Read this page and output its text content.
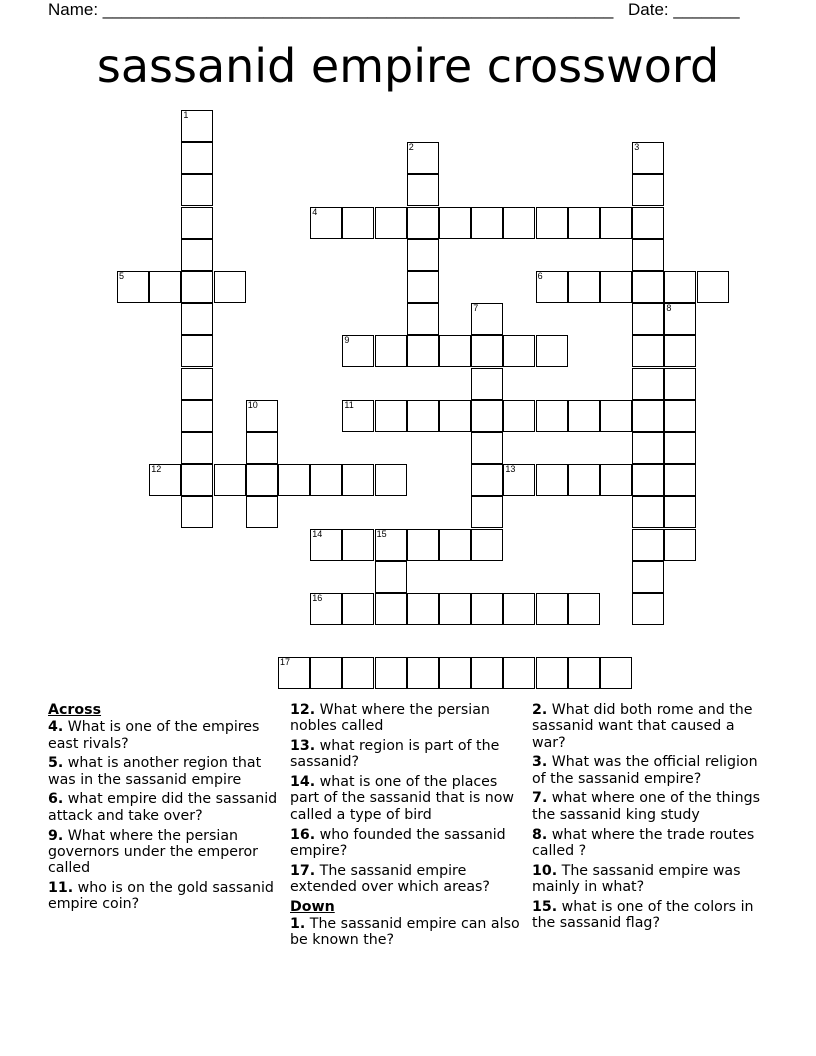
Name: ______________________________________________________ Date: _______
sassanid empire crossword
1
2	3
4
5	6
7	8
9
10	11
12	13
14	15
16
17
Across
4. What is one of the empires east rivals?
5. what is another region that was in the sassanid empire
6. what empire did the sassanid attack and take over?
9. What where the persian governors under the emperor called
11. who is on the gold sassanid empire coin?
12. What where the persian nobles called
13. what region is part of the sassanid?
14. what is one of the places part of the sassanid that is now called a type of bird
16. who founded the sassanid empire?
17. The sassanid empire extended over which areas?
Down
1. The sassanid empire can also be known the?
2. What did both rome and the sassanid want that caused a war?
3. What was the official religion of the sassanid empire?
7. what where one of the things the sassanid king study
8. what where the trade routes called ?
10. The sassanid empire was mainly in what?
15. what is one of the colors in the sassanid flag?
